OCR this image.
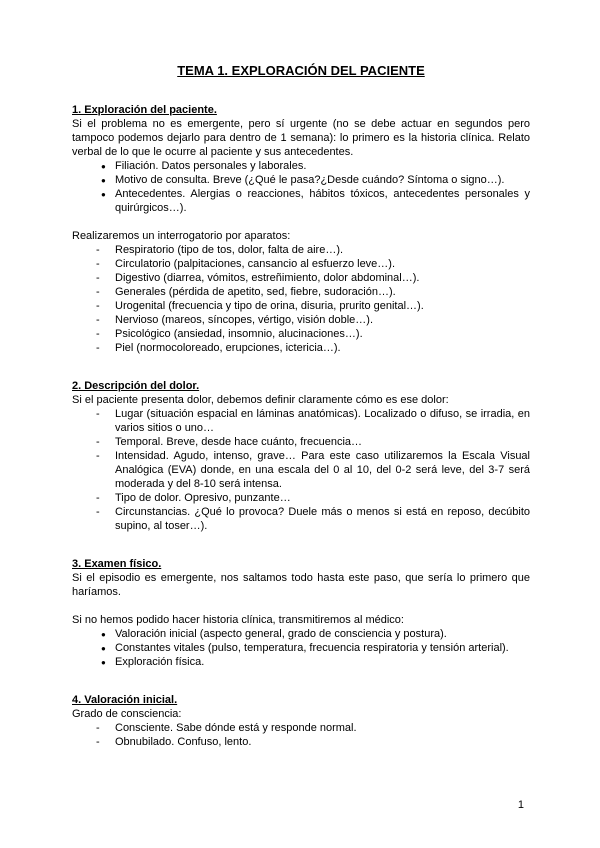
TEMA 1. EXPLORACIÓN DEL PACIENTE
1. Exploración del paciente.

Si el problema no es emergente, pero sí urgente (no se debe actuar en segundos pero tampoco podemos dejarlo para dentro de 1 semana): lo primero es la historia clínica. Relato verbal de lo que le ocurre al paciente y sus antecedentes.

● Filiación. Datos personales y laborales.
● Motivo de consulta. Breve (¿Qué le pasa?¿Desde cuándo? Síntoma o signo…).
● Antecedentes. Alergias o reacciones, hábitos tóxicos, antecedentes personales y quirúrgicos…).

Realizaremos un interrogatorio por aparatos:

- Respiratorio (tipo de tos, dolor, falta de aire…).
- Circulatorio (palpitaciones, cansancio al esfuerzo leve…).
- Digestivo (diarrea, vómitos, estreñimiento, dolor abdominal…).
- Generales (pérdida de apetito, sed, fiebre, sudoración…).
- Urogenital (frecuencia y tipo de orina, disuria, prurito genital…).
- Nervioso (mareos, síncopes, vértigo, visión doble…).
- Psicológico (ansiedad, insomnio, alucinaciones…).
- Piel (normocoloreado, erupciones, ictericia…).
2. Descripción del dolor.

Si el paciente presenta dolor, debemos definir claramente cómo es ese dolor:

- Lugar (situación espacial en láminas anatómicas). Localizado o difuso, se irradia, en varios sitios o uno…
- Temporal. Breve, desde hace cuánto, frecuencia…
- Intensidad. Agudo, intenso, grave… Para este caso utilizaremos la Escala Visual Analógica (EVA) donde, en una escala del 0 al 10, del 0-2 será leve, del 3-7 será moderada y del 8-10 será intensa.
- Tipo de dolor. Opresivo, punzante…
- Circunstancias. ¿Qué lo provoca? Duele más o menos si está en reposo, decúbito supino, al toser…).
3. Examen físico.

Si el episodio es emergente, nos saltamos todo hasta este paso, que sería lo primero que haríamos.

Si no hemos podido hacer historia clínica, transmitiremos al médico:

● Valoración inicial (aspecto general, grado de consciencia y postura).
● Constantes vitales (pulso, temperatura, frecuencia respiratoria y tensión arterial).
● Exploración física.
4. Valoración inicial.

Grado de consciencia:

- Consciente. Sabe dónde está y responde normal.
- Obnubilado. Confuso, lento.
1
